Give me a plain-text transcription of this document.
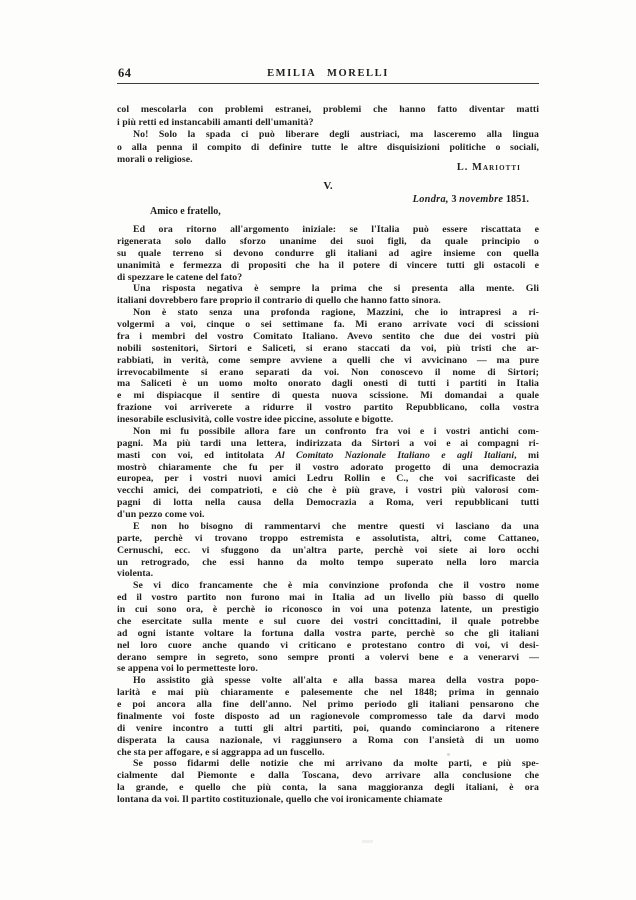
64	EMILIA MORELLI
col mescolarla con problemi estranei, problemi che hanno fatto diventar matti
i più retti ed instancabili amanti dell'umanità?
No! Solo la spada ci può liberare degli austriaci, ma lasceremo alla lingua
o alla penna il compito di definire tutte le altre disquisizioni politiche o sociali,
morali o religiose.
L. Mariotti
V.
Londra, 3 novembre 1851.
Amico e fratello,
Ed ora ritorno all'argomento iniziale: se l'Italia può essere riscattata e
rigenerata solo dallo sforzo unanime dei suoi figli, da quale principio o
su quale terreno si devono condurre gli italiani ad agire insieme con quella
unanimità e fermezza di propositi che ha il potere di vincere tutti gli ostacoli e
di spezzare le catene del fato?
Una risposta negativa è sempre la prima che si presenta alla mente. Gli
italiani dovrebbero fare proprio il contrario di quello che hanno fatto sinora.
Non è stato senza una profonda ragione, Mazzini, che io intrapresi a ri-
volgermi a voi, cinque o sei settimane fa. Mi erano arrivate voci di scissioni
fra i membri del vostro Comitato Italiano. Avevo sentito che due dei vostri più
nobili sostenitori, Sirtori e Saliceti, si erano staccati da voi, più tristi che ar-
rabbiati, in verità, come sempre avviene a quelli che vi avvicinano — ma pure
irrevocabilmente si erano separati da voi. Non conoscevo il nome di Sirtori;
ma Saliceti è un uomo molto onorato dagli onesti di tutti i partiti in Italia
e mi dispiacque il sentire di questa nuova scissione. Mi domandai a quale
frazione voi arriverete a ridurre il vostro partito Repubblicano, colla vostra
inesorabile esclusività, colle vostre idee piccine, assolute e bigotte.
Non mi fu possibile allora fare un confronto fra voi e i vostri antichi com-
pagni. Ma più tardi una lettera, indirizzata da Sirtori a voi e ai compagni ri-
masti con voi, ed intitolata Al Comitato Nazionale Italiano e agli Italiani, mi
mostrò chiaramente che fu per il vostro adorato progetto di una democrazia
europea, per i vostri nuovi amici Ledru Rollin e C., che voi sacrificaste dei
vecchi amici, dei compatrioti, e ciò che è più grave, i vostri più valorosi com-
pagni di lotta nella causa della Democrazia a Roma, veri repubblicani tutti
d'un pezzo come voi.
E non ho bisogno di rammentarvi che mentre questi vi lasciano da una
parte, perchè vi trovano troppo estremista e assolutista, altri, come Cattaneo,
Cernuschi, ecc. vi sfuggono da un'altra parte, perchè voi siete ai loro occhi
un retrogrado, che essi hanno da molto tempo superato nella loro marcia
violenta.
Se vi dico francamente che è mia convinzione profonda che il vostro nome
ed il vostro partito non furono mai in Italia ad un livello più basso di quello
in cui sono ora, è perchè io riconosco in voi una potenza latente, un prestigio
che esercitate sulla mente e sul cuore dei vostri concittadini, il quale potrebbe
ad ogni istante voltare la fortuna dalla vostra parte, perchè so che gli italiani
nel loro cuore anche quando vi criticano e protestano contro di voi, vi desi-
derano sempre in segreto, sono sempre pronti a volervi bene e a venerarvi —
se appena voi lo permetteste loro.
Ho assistito già spesse volte all'alta e alla bassa marea della vostra popo-
larità e mai più chiaramente e palesemente che nel 1848; prima in gennaio
e poi ancora alla fine dell'anno. Nel primo periodo gli italiani pensarono che
finalmente voi foste disposto ad un ragionevole compromesso tale da darvi modo
di venire incontro a tutti gli altri partiti, poi, quando cominciarono a ritenere
disperata la causa nazionale, vi raggiunsero a Roma con l'ansietà di un uomo
che sta per affogare, e si aggrappa ad un fuscello.
Se posso fidarmi delle notizie che mi arrivano da molte parti, e più spe-
cialmente dal Piemonte e dalla Toscana, devo arrivare alla conclusione che
la grande, e quello che più conta, la sana maggioranza degli italiani, è ora
lontana da voi. Il partito costituzionale, quello che voi ironicamente chiamate
